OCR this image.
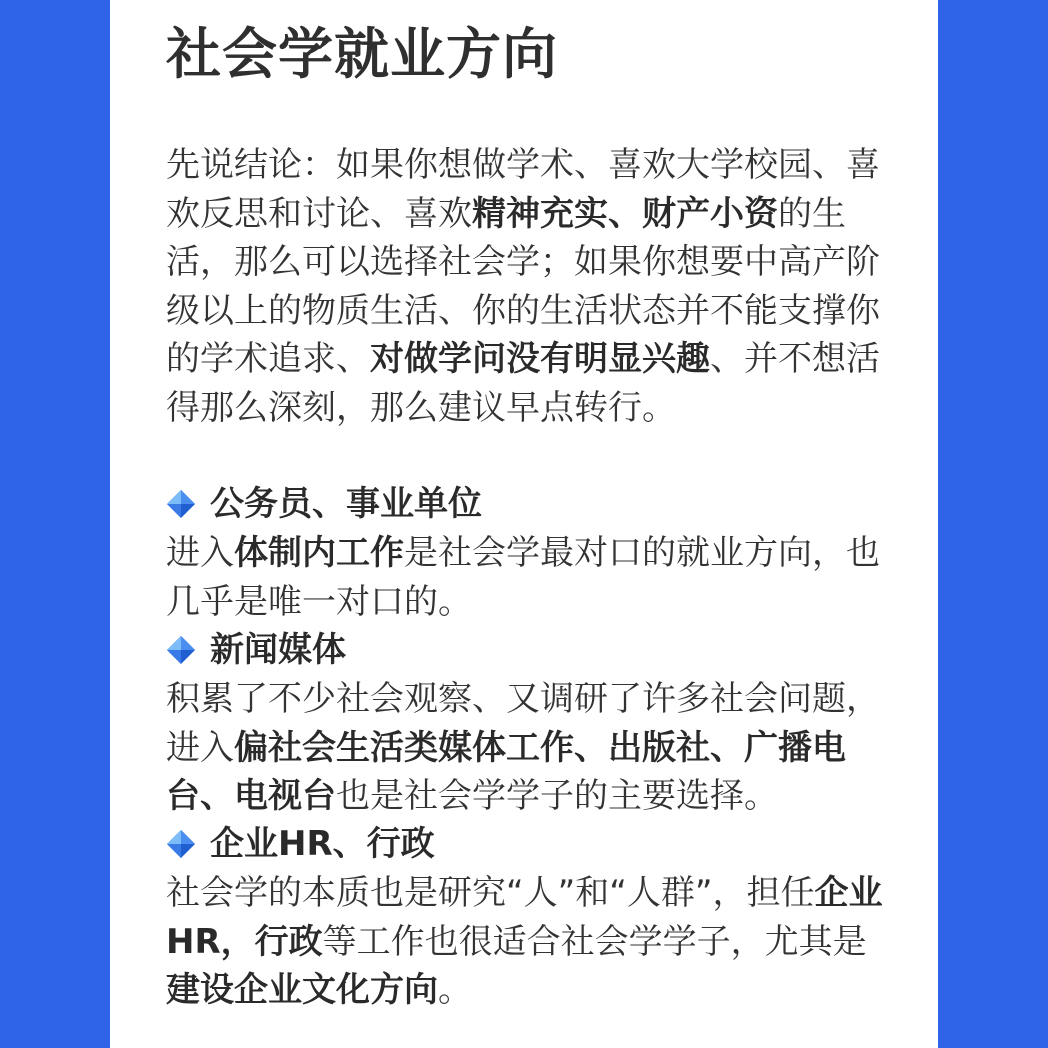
社会学就业方向

先说结论：如果你想做学术、喜欢大学校园、喜欢反思和讨论、喜欢精神充实、财产小资的生活，那么可以选择社会学；如果你想要中高产阶级以上的物质生活、你的生活状态并不能支撑你的学术追求、对做学问没有明显兴趣、并不想活得那么深刻，那么建议早点转行。

公务员、事业单位

进入体制内工作是社会学最对口的就业方向，也几乎是唯一对口的。

新闻媒体

积累了不少社会观察、又调研了许多社会问题，进入偏社会生活类媒体工作、出版社、广播电台、电视台也是社会学学子的主要选择。

企业HR、行政

社会学的本质也是研究“人”和“人群”，担任企业HR，行政等工作也很适合社会学学子，尤其是建设企业文化方向。
